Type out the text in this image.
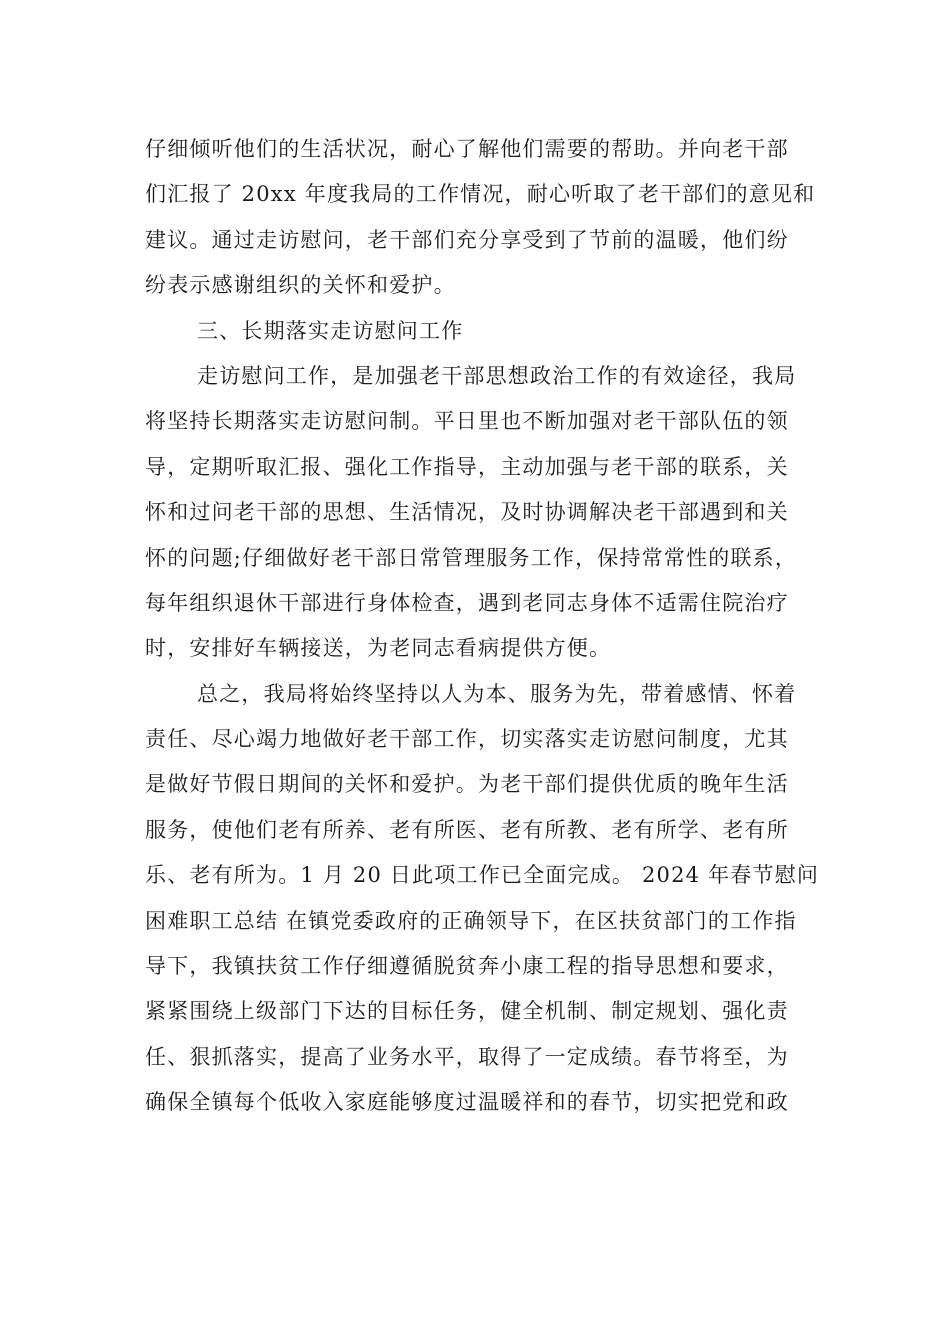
仔细倾听他们的生活状况，耐心了解他们需要的帮助。并向老干部
们汇报了 20xx 年度我局的工作情况，耐心听取了老干部们的意见和
建议。通过走访慰问，老干部们充分享受到了节前的温暖，他们纷
纷表示感谢组织的关怀和爱护。
三、长期落实走访慰问工作
走访慰问工作，是加强老干部思想政治工作的有效途径，我局
将坚持长期落实走访慰问制。平日里也不断加强对老干部队伍的领
导，定期听取汇报、强化工作指导，主动加强与老干部的联系，关
怀和过问老干部的思想、生活情况，及时协调解决老干部遇到和关
怀的问题;仔细做好老干部日常管理服务工作，保持常常性的联系，
每年组织退休干部进行身体检查，遇到老同志身体不适需住院治疗
时，安排好车辆接送，为老同志看病提供方便。
总之，我局将始终坚持以人为本、服务为先，带着感情、怀着
责任、尽心竭力地做好老干部工作，切实落实走访慰问制度，尤其
是做好节假日期间的关怀和爱护。为老干部们提供优质的晚年生活
服务，使他们老有所养、老有所医、老有所教、老有所学、老有所
乐、老有所为。1 月 20 日此项工作已全面完成。 2024 年春节慰问
困难职工总结 在镇党委政府的正确领导下，在区扶贫部门的工作指
导下，我镇扶贫工作仔细遵循脱贫奔小康工程的指导思想和要求，
紧紧围绕上级部门下达的目标任务，健全机制、制定规划、强化责
任、狠抓落实，提高了业务水平，取得了一定成绩。春节将至，为
确保全镇每个低收入家庭能够度过温暖祥和的春节，切实把党和政
